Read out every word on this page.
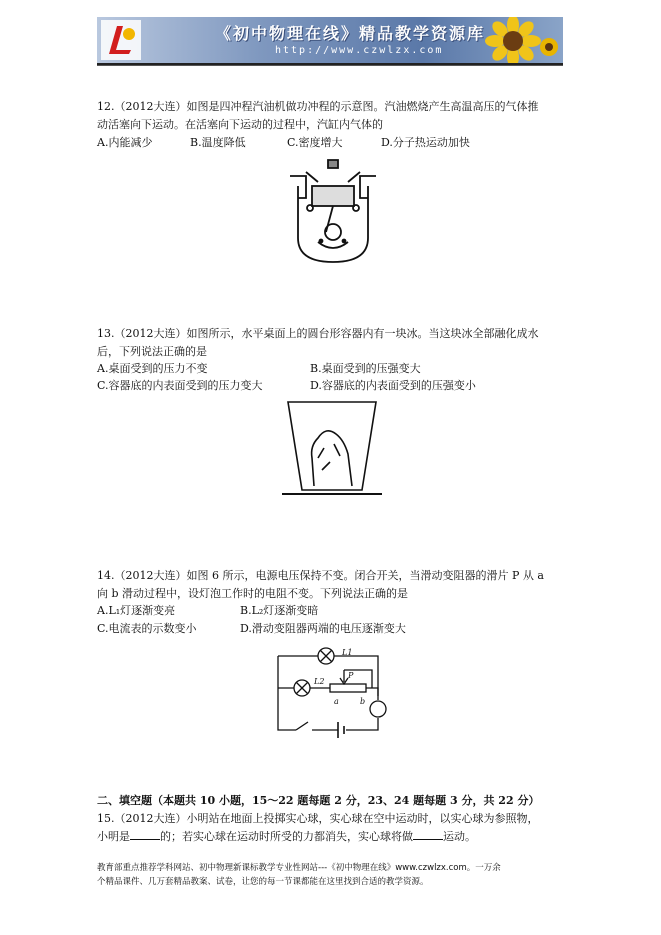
《初中物理在线》精品教学资源库
http://www.czwlzx.com
12.（2012大连）如图是四冲程汽油机做功冲程的示意图。汽油燃烧产生高温高压的气体推
动活塞向下运动。在活塞向下运动的过程中，汽缸内气体的
A.内能减少	B.温度降低	C.密度增大	D.分子热运动加快
13.（2012大连）如图所示，水平桌面上的圆台形容器内有一块冰。当这块冰全部融化成水
后，下列说法正确的是
A.桌面受到的压力不变	B.桌面受到的压强变大
C.容器底的内表面受到的压力变大	D.容器底的内表面受到的压强变小
14.（2012大连）如图 6 所示，电源电压保持不变。闭合开关，当滑动变阻器的滑片 P 从 a
向 b 滑动过程中，设灯泡工作时的电阻不变。下列说法正确的是
A.L₁灯逐渐变亮	B.L₂灯逐渐变暗
C.电流表的示数变小	D.滑动变阻器两端的电压逐渐变大
L1
L2
P
a	b
二、填空题（本题共 10 小题，15～22 题每题 2 分，23、24 题每题 3 分，共 22 分）
15.（2012大连）小明站在地面上投掷实心球，实心球在空中运动时，以实心球为参照物，
小明是	的；若实心球在运动时所受的力都消失，实心球将做	运动。
教育部重点推荐学科网站、初中物理新课标教学专业性网站---《初中物理在线》www.czwlzx.com。一万余
个精品课件、几万套精品教案、试卷，让您的每一节课都能在这里找到合适的教学资源。
